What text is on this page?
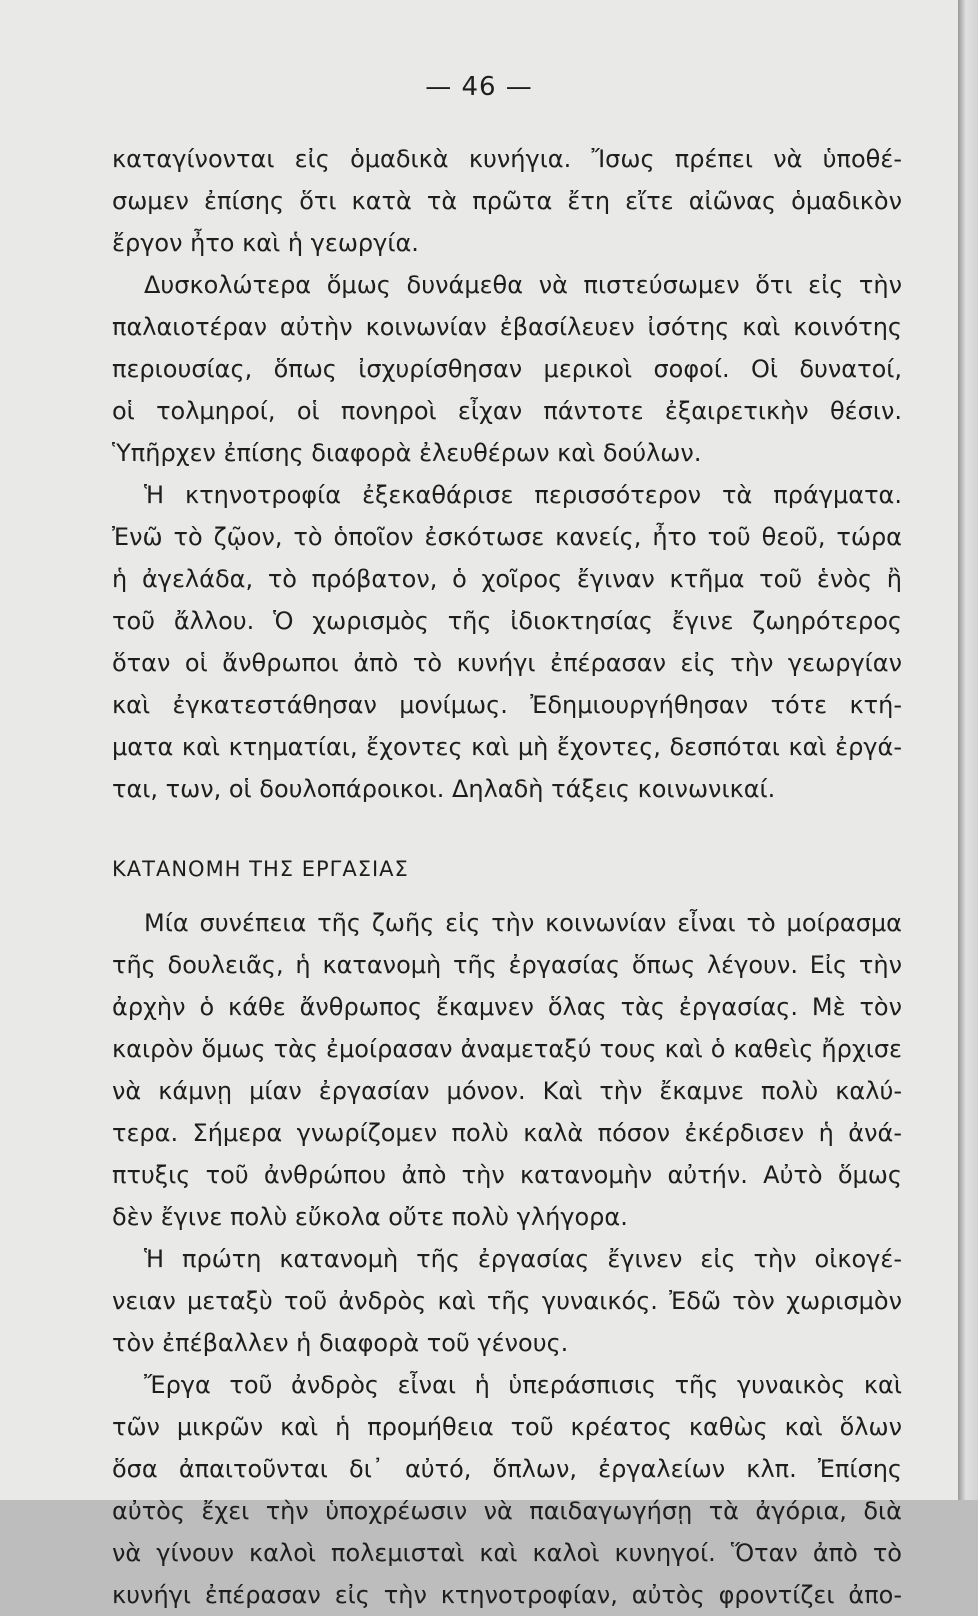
— 46 —
καταγίνονται εἰς ὁμαδικὰ κυνήγια. Ἴσως πρέπει νὰ ὑποθέ-
σωμεν ἐπίσης ὅτι κατὰ τὰ πρῶτα ἔτη εἴτε αἰῶνας ὁμαδικὸν
ἔργον ἦτο καὶ ἡ γεωργία.
Δυσκολώτερα ὅμως δυνάμεθα νὰ πιστεύσωμεν ὅτι εἰς τὴν
παλαιοτέραν αὐτὴν κοινωνίαν ἐβασίλευεν ἰσότης καὶ κοινότης
περιουσίας, ὅπως ἰσχυρίσθησαν μερικοὶ σοφοί. Οἱ δυνατοί,
οἱ τολμηροί, οἱ πονηροὶ εἶχαν πάντοτε ἐξαιρετικὴν θέσιν.
Ὑπῆρχεν ἐπίσης διαφορὰ ἐλευθέρων καὶ δούλων.
Ἡ κτηνοτροφία ἐξεκαθάρισε περισσότερον τὰ πράγματα.
Ἐνῶ τὸ ζῷον, τὸ ὁποῖον ἐσκότωσε κανείς, ἦτο τοῦ θεοῦ, τώρα
ἡ ἀγελάδα, τὸ πρόβατον, ὁ χοῖρος ἔγιναν κτῆμα τοῦ ἑνὸς ἢ
τοῦ ἄλλου. Ὁ χωρισμὸς τῆς ἰδιοκτησίας ἔγινε ζωηρότερος
ὅταν οἱ ἄνθρωποι ἀπὸ τὸ κυνήγι ἐπέρασαν εἰς τὴν γεωργίαν
καὶ ἐγκατεστάθησαν μονίμως. Ἐδημιουργήθησαν τότε κτή-
ματα καὶ κτηματίαι, ἔχοντες καὶ μὴ ἔχοντες, δεσπόται καὶ ἐργά-
ται, των, οἱ δουλοπάροικοι. Δηλαδὴ τάξεις κοινωνικαί.
ΚΑΤΑΝΟΜΗ ΤΗΣ ΕΡΓΑΣΙΑΣ
Μία συνέπεια τῆς ζωῆς εἰς τὴν κοινωνίαν εἶναι τὸ μοίρασμα
τῆς δουλειᾶς, ἡ κατανομὴ τῆς ἐργασίας ὅπως λέγουν. Εἰς τὴν
ἀρχὴν ὁ κάθε ἄνθρωπος ἔκαμνεν ὅλας τὰς ἐργασίας. Μὲ τὸν
καιρὸν ὅμως τὰς ἐμοίρασαν ἀναμεταξύ τους καὶ ὁ καθεὶς ἤρχισε
νὰ κάμνῃ μίαν ἐργασίαν μόνον. Καὶ τὴν ἔκαμνε πολὺ καλύ-
τερα. Σήμερα γνωρίζομεν πολὺ καλὰ πόσον ἐκέρδισεν ἡ ἀνά-
πτυξις τοῦ ἀνθρώπου ἀπὸ τὴν κατανομὴν αὐτήν. Αὐτὸ ὅμως
δὲν ἔγινε πολὺ εὔκολα οὔτε πολὺ γλήγορα.
Ἡ πρώτη κατανομὴ τῆς ἐργασίας ἔγινεν εἰς τὴν οἰκογέ-
νειαν μεταξὺ τοῦ ἀνδρὸς καὶ τῆς γυναικός. Ἐδῶ τὸν χωρισμὸν
τὸν ἐπέβαλλεν ἡ διαφορὰ τοῦ γένους.
Ἔργα τοῦ ἀνδρὸς εἶναι ἡ ὑπεράσπισις τῆς γυναικὸς καὶ
τῶν μικρῶν καὶ ἡ προμήθεια τοῦ κρέατος καθὼς καὶ ὅλων
ὅσα ἀπαιτοῦνται δι᾽ αὐτό, ὅπλων, ἐργαλείων κλπ. Ἐπίσης
αὐτὸς ἔχει τὴν ὑποχρέωσιν νὰ παιδαγωγήσῃ τὰ ἀγόρια, διὰ
νὰ γίνουν καλοὶ πολεμισταὶ καὶ καλοὶ κυνηγοί. Ὅταν ἀπὸ τὸ
κυνήγι ἐπέρασαν εἰς τὴν κτηνοτροφίαν, αὐτὸς φροντίζει ἀπο-
